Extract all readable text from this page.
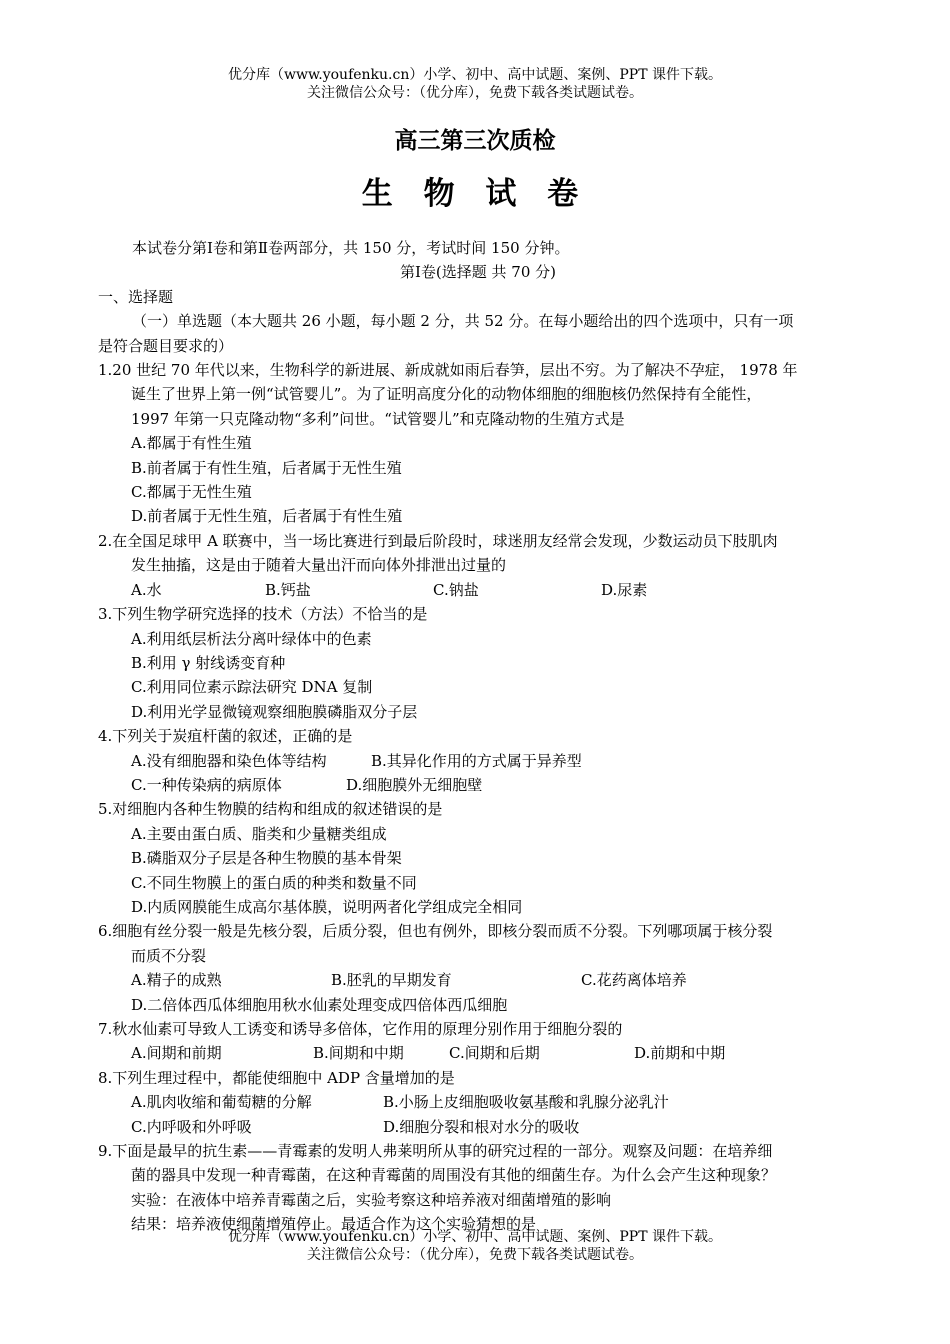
优分库（www.youfenku.cn）小学、初中、高中试题、案例、PPT 课件下载。
关注微信公众号：（优分库），免费下载各类试题试卷。
高三第三次质检
生 物 试 卷
本试卷分第Ⅰ卷和第Ⅱ卷两部分，共 150 分，考试时间 150 分钟。
第Ⅰ卷(选择题 共 70 分)
一、选择题
（一）单选题（本大题共 26 小题，每小题 2 分，共 52 分。在每小题给出的四个选项中，只有一项
是符合题目要求的）
1.20 世纪 70 年代以来，生物科学的新进展、新成就如雨后春笋，层出不穷。为了解决不孕症， 1978 年
诞生了世界上第一例“试管婴儿”。为了证明高度分化的动物体细胞的细胞核仍然保持有全能性，
1997 年第一只克隆动物“多利”问世。“试管婴儿”和克隆动物的生殖方式是
A.都属于有性生殖
B.前者属于有性生殖，后者属于无性生殖
C.都属于无性生殖
D.前者属于无性生殖，后者属于有性生殖
2.在全国足球甲 A 联赛中，当一场比赛进行到最后阶段时，球迷朋友经常会发现，少数运动员下肢肌肉
发生抽搐，这是由于随着大量出汗而向体外排泄出过量的
A.水	B.钙盐	C.钠盐	D.尿素
3.下列生物学研究选择的技术（方法）不恰当的是
A.利用纸层析法分离叶绿体中的色素
B.利用 γ 射线诱变育种
C.利用同位素示踪法研究 DNA 复制
D.利用光学显微镜观察细胞膜磷脂双分子层
4.下列关于炭疽杆菌的叙述，正确的是
A.没有细胞器和染色体等结构	B.其异化作用的方式属于异养型
C.一种传染病的病原体	D.细胞膜外无细胞壁
5.对细胞内各种生物膜的结构和组成的叙述错误的是
A.主要由蛋白质、脂类和少量糖类组成
B.磷脂双分子层是各种生物膜的基本骨架
C.不同生物膜上的蛋白质的种类和数量不同
D.内质网膜能生成高尔基体膜，说明两者化学组成完全相同
6.细胞有丝分裂一般是先核分裂，后质分裂，但也有例外，即核分裂而质不分裂。下列哪项属于核分裂
而质不分裂
A.精子的成熟	B.胚乳的早期发育	C.花药离体培养
D.二倍体西瓜体细胞用秋水仙素处理变成四倍体西瓜细胞
7.秋水仙素可导致人工诱变和诱导多倍体，它作用的原理分别作用于细胞分裂的
A.间期和前期	B.间期和中期	C.间期和后期	D.前期和中期
8.下列生理过程中，都能使细胞中 ADP 含量增加的是
A.肌肉收缩和葡萄糖的分解	B.小肠上皮细胞吸收氨基酸和乳腺分泌乳汁
C.内呼吸和外呼吸	D.细胞分裂和根对水分的吸收
9.下面是最早的抗生素——青霉素的发明人弗莱明所从事的研究过程的一部分。观察及问题：在培养细
菌的器具中发现一种青霉菌，在这种青霉菌的周围没有其他的细菌生存。为什么会产生这种现象？
实验：在液体中培养青霉菌之后，实验考察这种培养液对细菌增殖的影响
结果：培养液使细菌增殖停止。最适合作为这个实验猜想的是
优分库（www.youfenku.cn）小学、初中、高中试题、案例、PPT 课件下载。
关注微信公众号：（优分库），免费下载各类试题试卷。
